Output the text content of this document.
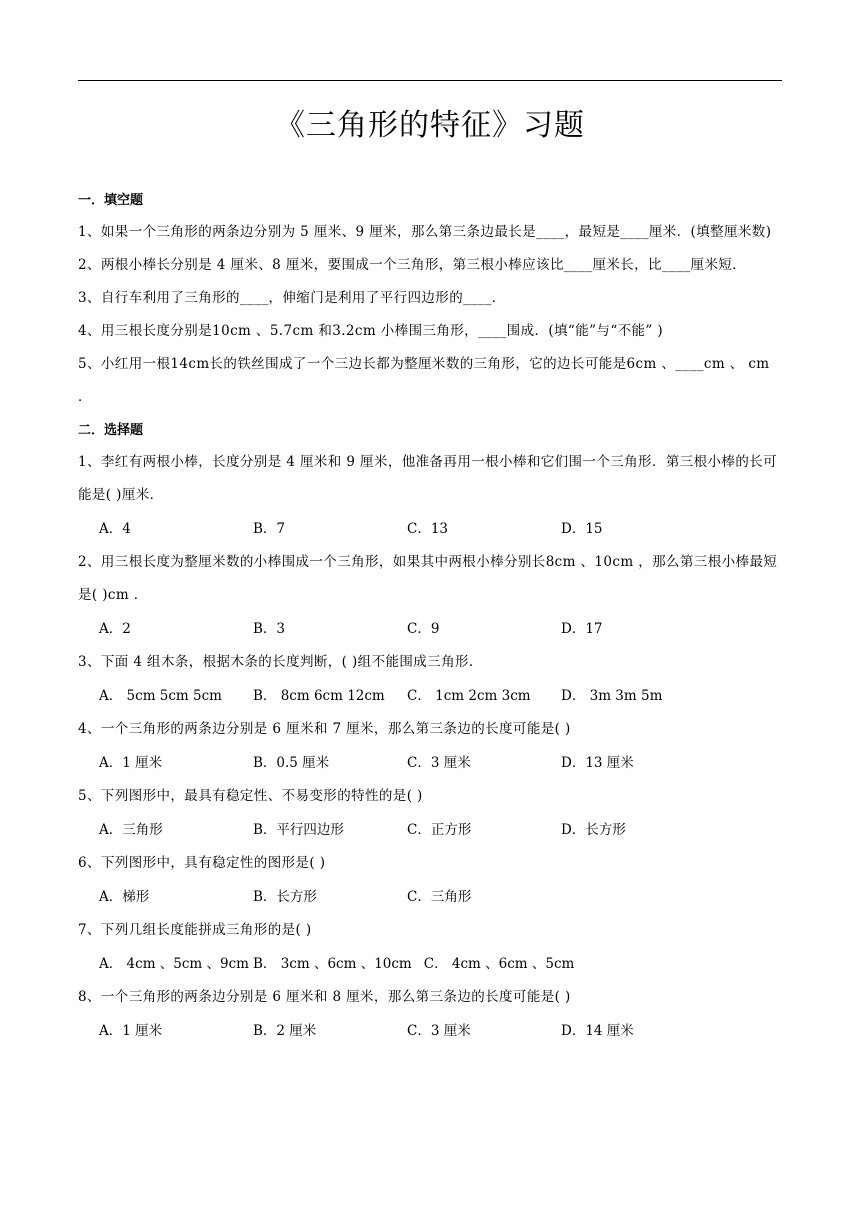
《三角形的特征》习题
一．填空题
1、如果一个三角形的两条边分别为 5 厘米、9 厘米，那么第三条边最长是____，最短是____厘米．(填整厘米数)
2、两根小棒长分别是 4 厘米、8 厘米，要围成一个三角形，第三根小棒应该比____厘米长，比____厘米短．
3、自行车利用了三角形的____，伸缩门是利用了平行四边形的____．
4、用三根长度分别是10cm 、5.7cm 和3.2cm 小棒围三角形，____围成．(填“能”与“不能” )
5、小红用一根14cm长的铁丝围成了一个三边长都为整厘米数的三角形，它的边长可能是6cm 、____cm 、 cm ．
二．选择题
1、李红有两根小棒，长度分别是 4 厘米和 9 厘米，他准备再用一根小棒和它们围一个三角形．第三根小棒的长可能是( )厘米．
A．4	B．7	C．13	D．15
2、用三根长度为整厘米数的小棒围成一个三角形，如果其中两根小棒分别长8cm 、10cm ，那么第三根小棒最短是( )cm ．
A．2	B．3	C．9	D．17
3、下面 4 组木条，根据木条的长度判断，( )组不能围成三角形．
A． 5cm 5cm 5cm	B． 8cm 6cm 12cm	C． 1cm 2cm 3cm	D． 3m 3m 5m
4、一个三角形的两条边分别是 6 厘米和 7 厘米，那么第三条边的长度可能是( )
A．1 厘米	B．0.5 厘米	C．3 厘米	D．13 厘米
5、下列图形中，最具有稳定性、不易变形的特性的是( )
A．三角形	B．平行四边形	C．正方形	D．长方形
6、下列图形中，具有稳定性的图形是( )
A．梯形	B．长方形	C．三角形
7、下列几组长度能拼成三角形的是( )
A． 4cm 、5cm 、9cm B． 3cm 、6cm 、10cm C． 4cm 、6cm 、5cm
8、一个三角形的两条边分别是 6 厘米和 8 厘米，那么第三条边的长度可能是( )
A．1 厘米	B．2 厘米	C．3 厘米	D．14 厘米
